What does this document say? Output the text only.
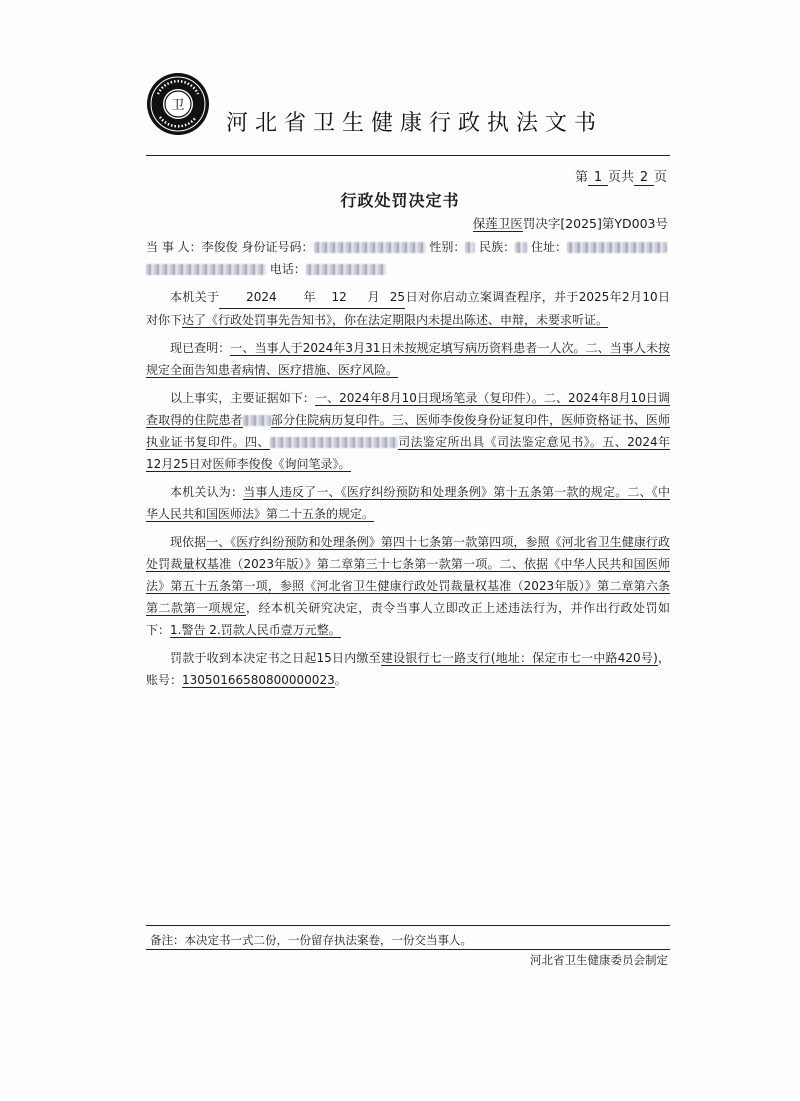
卫
河北省卫生健康行政执法文书
第 1 页共 2 页
行政处罚决定书
保莲卫医罚决字[2025]第YD003号

当 事 人：李俊俊 身份证号码：	性别： 民族： 住址：
电话：

本机关于 2024 年 12 月 25日对你启动立案调查程序，并于2025年2月10日对你下达了《行政处罚事先告知书》，你在法定期限内未提出陈述、申辩，未要求听证。

现已查明：一、当事人于2024年3月31日未按规定填写病历资料患者一人次。二、当事人未按规定全面告知患者病情、医疗措施、医疗风险。

以上事实，主要证据如下：一、2024年8月10日现场笔录（复印件）。二、2024年8月10日调查取得的住院患者 部分住院病历复印件。三、医师李俊俊身份证复印件，医师资格证书、医师执业证书复印件。四、	司法鉴定所出具《司法鉴定意见书》。五、2024年12月25日对医师李俊俊《询问笔录》。

本机关认为：当事人违反了一、《医疗纠纷预防和处理条例》第十五条第一款的规定。二、《中华人民共和国医师法》第二十五条的规定。

现依据一、《医疗纠纷预防和处理条例》第四十七条第一款第四项，参照《河北省卫生健康行政处罚裁量权基准（2023年版）》第二章第三十七条第一款第一项。二、依据《中华人民共和国医师法》第五十五条第一项，参照《河北省卫生健康行政处罚裁量权基准（2023年版）》第二章第六条第二款第一项规定，经本机关研究决定，责令当事人立即改正上述违法行为，并作出行政处罚如下：1.警告 2.罚款人民币壹万元整。

罚款于收到本决定书之日起15日内缴至建设银行七一路支行(地址：保定市七一中路420号)，账号：13050166580800000023。

备注：本决定书一式二份，一份留存执法案卷，一份交当事人。
河北省卫生健康委员会制定
